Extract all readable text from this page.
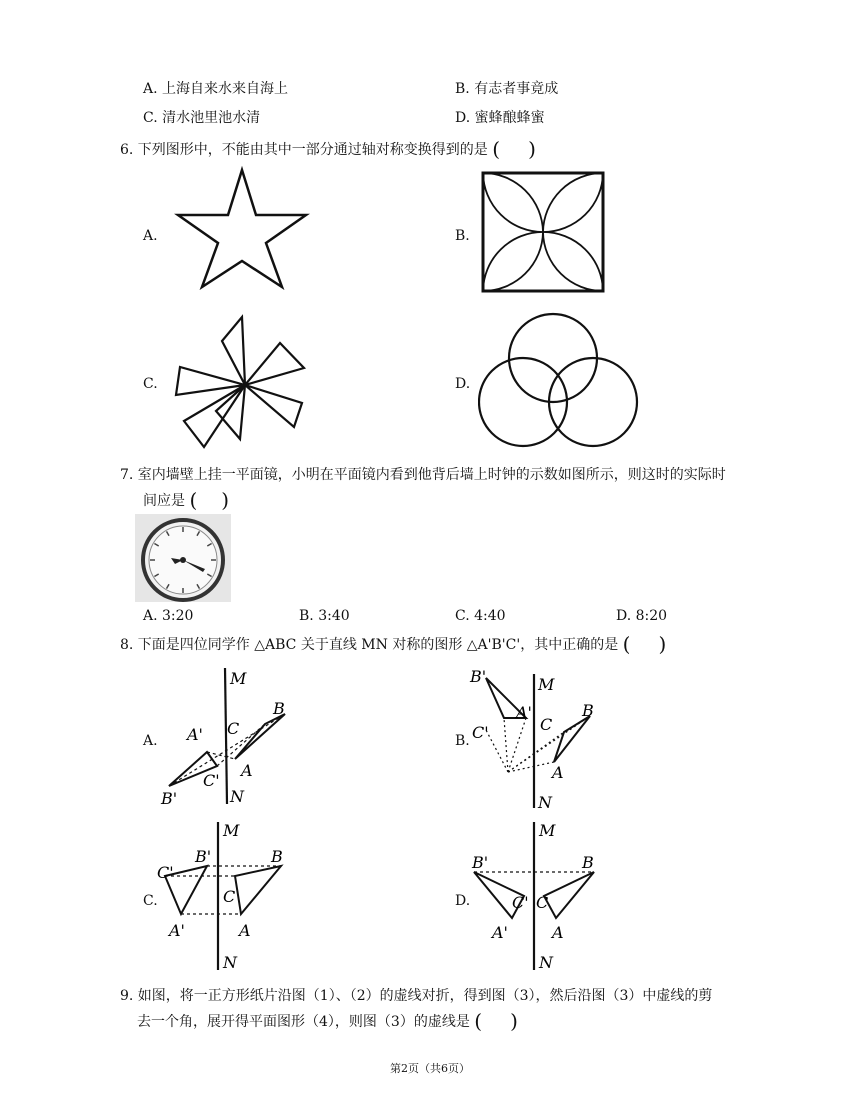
A. 上海自来水来自海上	B. 有志者事竟成
C. 清水池里池水清	D. 蜜蜂酿蜂蜜
6. 下列图形中，不能由其中一部分通过轴对称变换得到的是 ( )
A.	B.
C.	D.
7. 室内墙壁上挂一平面镜，小明在平面镜内看到他背后墙上时钟的示数如图所示，则这时的实际时
间应是 ( )
A. 3:20	B. 3:40	C. 4:40	D. 8:20
8. 下面是四位同学作 △ABC 关于直线 MN 对称的图形 △A'B'C'，其中正确的是 ( )
A.
M
N
B
C
A
A'
C'
B'
B.
M
N
B
C
A
B'
A'
C'
C.
M
N
B
C
A
B'
C'
A'
D.
M
N
B
C
A
B'
C'
A'
9. 如图，将一正方形纸片沿图（1）、（2）的虚线对折，得到图（3），然后沿图（3）中虚线的剪
去一个角，展开得平面图形（4），则图（3）的虚线是 ( )
第2页（共6页）
